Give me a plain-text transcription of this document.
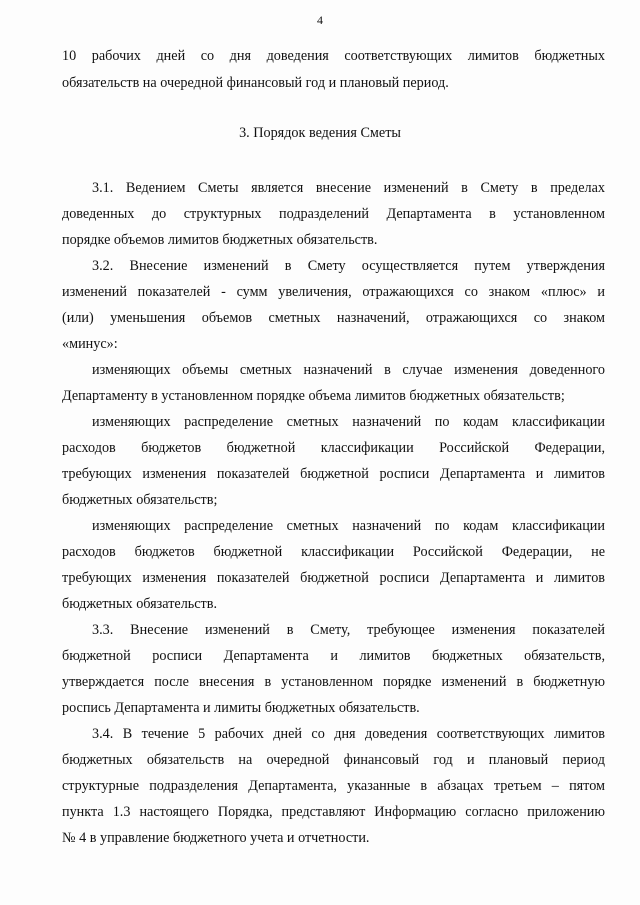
4
10 рабочих дней со дня доведения соответствующих лимитов бюджетных
обязательств на очередной финансовый год и плановый период.
3. Порядок ведения Сметы
3.1. Ведением Сметы является внесение изменений в Смету в пределах
доведенных до структурных подразделений Департамента в установленном
порядке объемов лимитов бюджетных обязательств.
3.2. Внесение изменений в Смету осуществляется путем утверждения
изменений показателей - сумм увеличения, отражающихся со знаком «плюс» и
(или) уменьшения объемов сметных назначений, отражающихся со знаком
«минус»:
изменяющих объемы сметных назначений в случае изменения доведенного
Департаменту в установленном порядке объема лимитов бюджетных обязательств;
изменяющих распределение сметных назначений по кодам классификации
расходов бюджетов бюджетной классификации Российской Федерации,
требующих изменения показателей бюджетной росписи Департамента и лимитов
бюджетных обязательств;
изменяющих распределение сметных назначений по кодам классификации
расходов бюджетов бюджетной классификации Российской Федерации, не
требующих изменения показателей бюджетной росписи Департамента и лимитов
бюджетных обязательств.
3.3. Внесение изменений в Смету, требующее изменения показателей
бюджетной росписи Департамента и лимитов бюджетных обязательств,
утверждается после внесения в установленном порядке изменений в бюджетную
роспись Департамента и лимиты бюджетных обязательств.
3.4. В течение 5 рабочих дней со дня доведения соответствующих лимитов
бюджетных обязательств на очередной финансовый год и плановый период
структурные подразделения Департамента, указанные в абзацах третьем – пятом
пункта 1.3 настоящего Порядка, представляют Информацию согласно приложению
№ 4 в управление бюджетного учета и отчетности.
